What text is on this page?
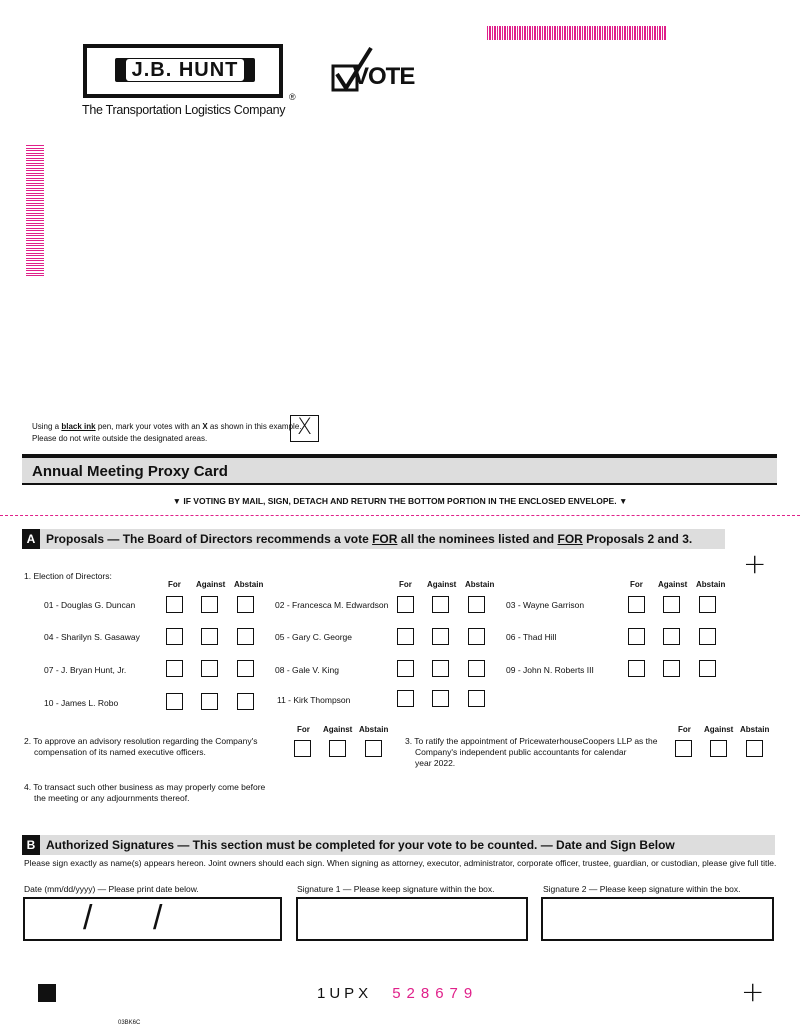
J.B. HUNT
®
The Transportation Logistics Company
VOTE
Using a black ink pen, mark your votes with an X as shown in this example.
Please do not write outside the designated areas.	X
Annual Meeting Proxy Card
▼ IF VOTING BY MAIL, SIGN, DETACH AND RETURN THE BOTTOM PORTION IN THE ENCLOSED ENVELOPE. ▼
A Proposals — The Board of Directors recommends a vote FOR all the nominees listed and FOR Proposals 2 and 3.
+
1. Election of Directors:
For Against Abstain	For Against Abstain	For Against Abstain
01 - Douglas G. Duncan	02 - Francesca M. Edwardson	03 - Wayne Garrison
04 - Sharilyn S. Gasaway	05 - Gary C. George	06 - Thad Hill
07 - J. Bryan Hunt, Jr.	08 - Gale V. King	09 - John N. Roberts III
10 - James L. Robo	11 - Kirk Thompson
2. To approve an advisory resolution regarding the Company's
compensation of its named executive officers.
For Against Abstain
3. To ratify the appointment of PricewaterhouseCoopers LLP as the
Company's independent public accountants for calendar
year 2022.
For Against Abstain
4. To transact such other business as may properly come before
the meeting or any adjournments thereof.
B Authorized Signatures — This section must be completed for your vote to be counted. — Date and Sign Below
Please sign exactly as name(s) appears hereon. Joint owners should each sign. When signing as attorney, executor, administrator, corporate officer, trustee, guardian, or custodian, please give full title.
Date (mm/dd/yyyy) — Please print date below.	Signature 1 — Please keep signature within the box.	Signature 2 — Please keep signature within the box.
/ /
1UPX 528679	+
03BK6C
